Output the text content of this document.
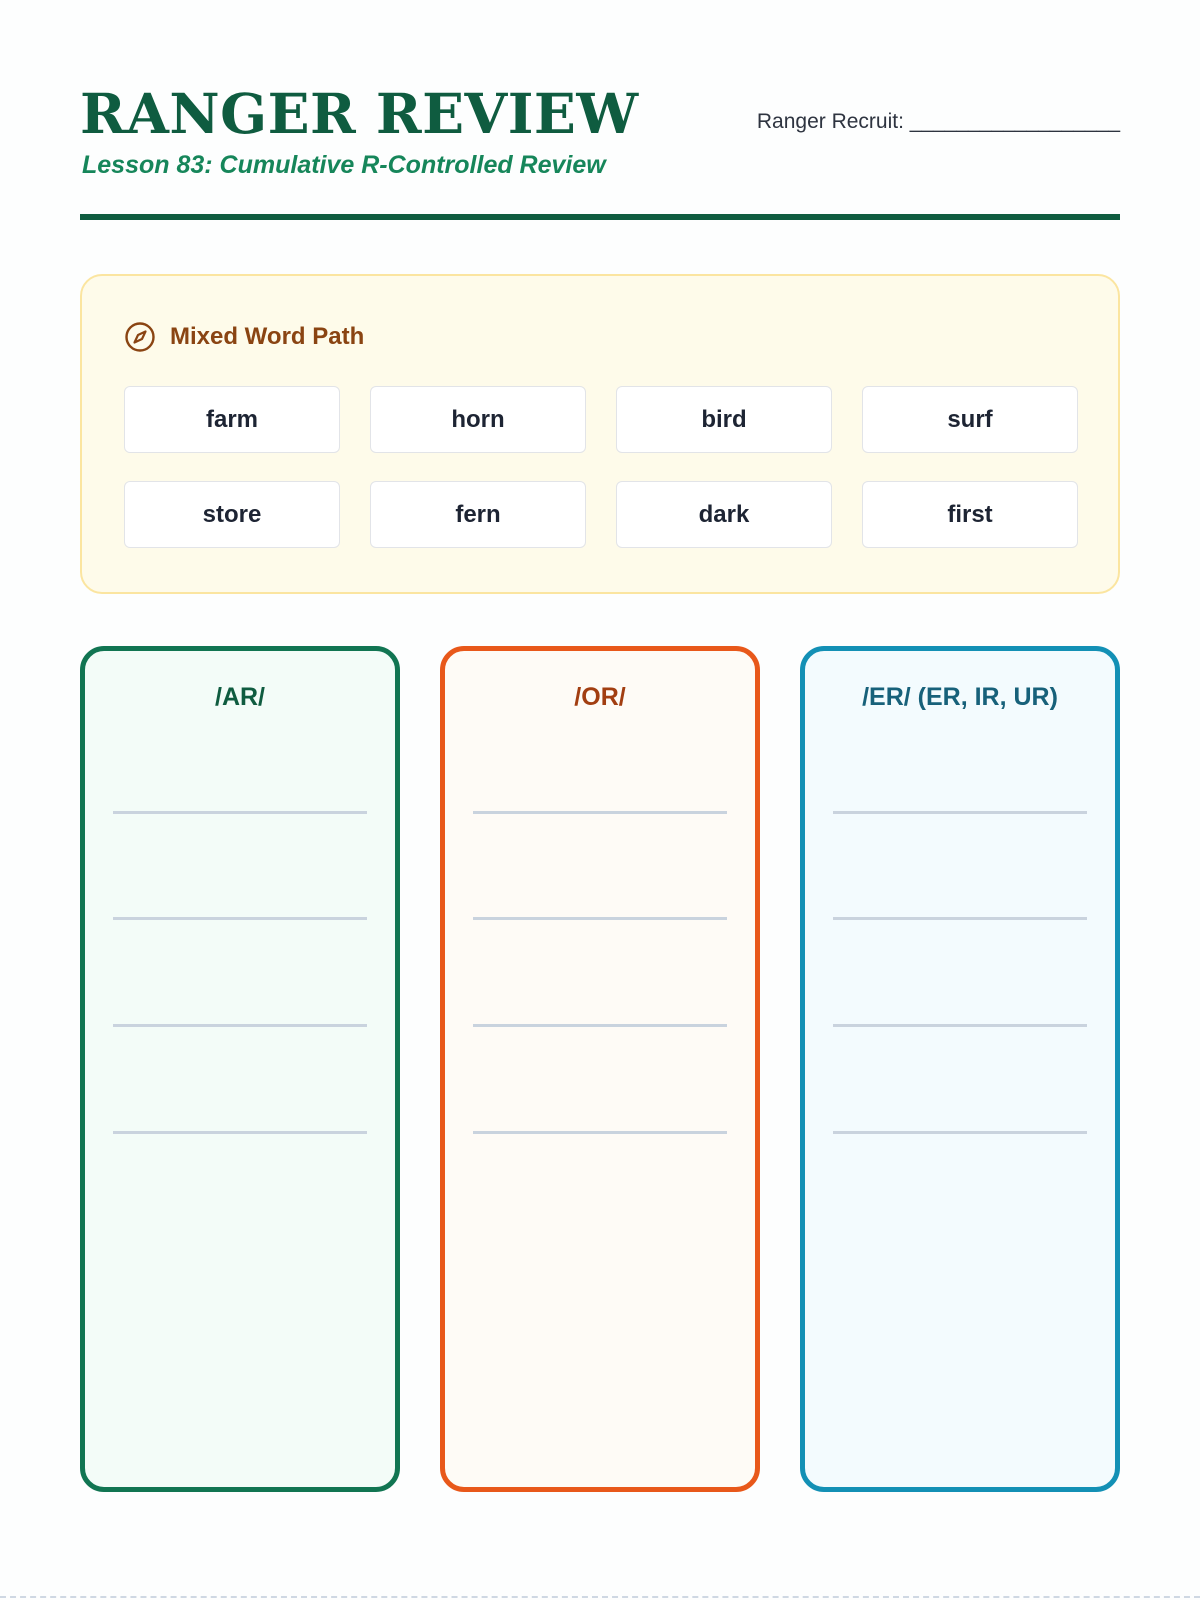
RANGER REVIEW

Lesson 83: Cumulative R-Controlled Review

Ranger Recruit: __________________
Mixed Word Path
farm	horn	bird	surf
store	fern	dark	first
/AR/	/OR/	/ER/ (ER, IR, UR)
